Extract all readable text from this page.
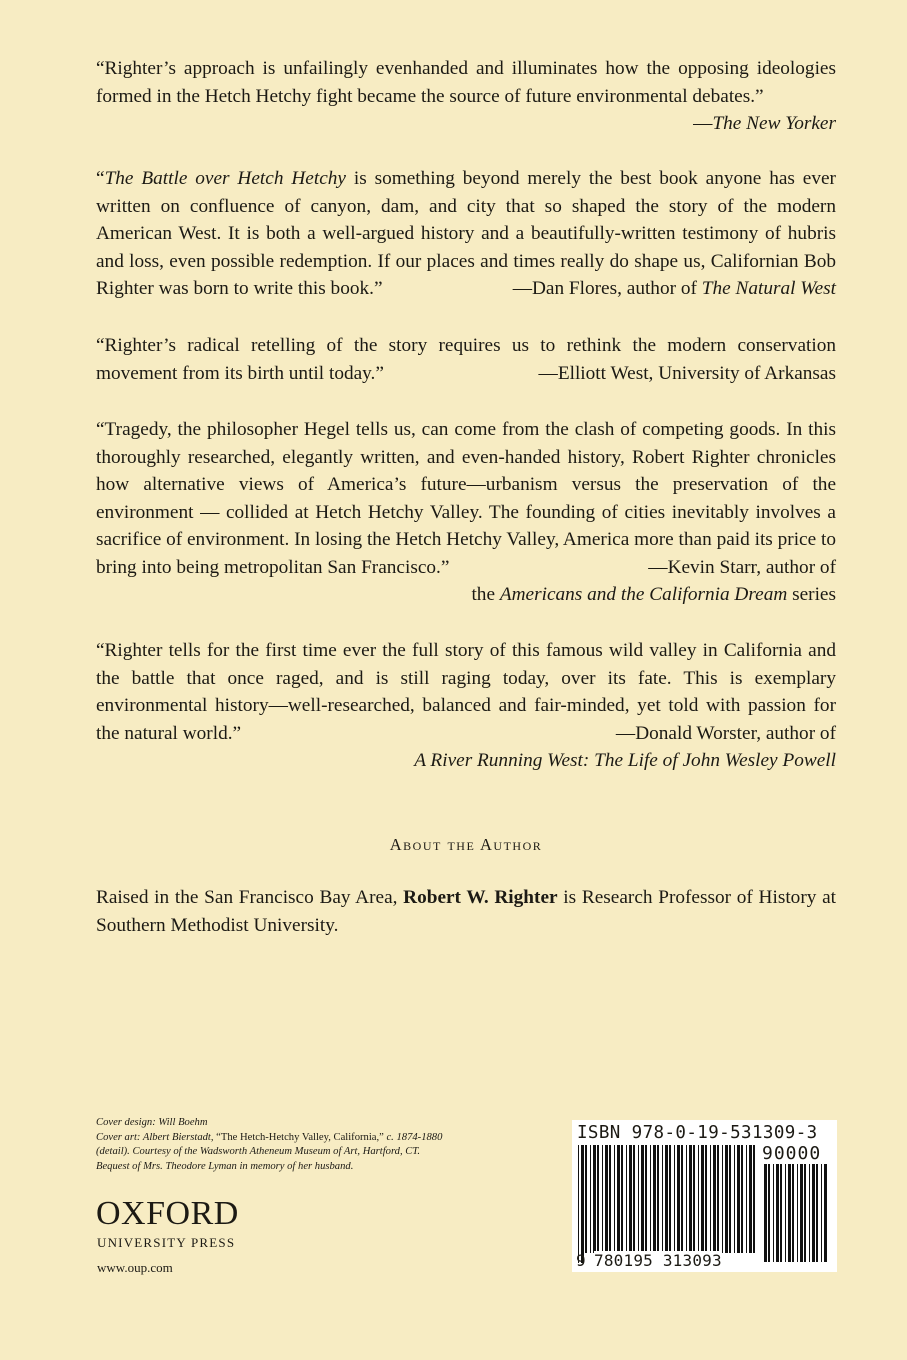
“Righter’s approach is unfailingly evenhanded and illuminates how the opposing ideologies formed in the Hetch Hetchy fight became the source of future environmental debates.”

—The New Yorker

“The Battle over Hetch Hetchy is something beyond merely the best book anyone has ever written on confluence of canyon, dam, and city that so shaped the story of the modern American West. It is both a well-argued history and a beautifully-written testimony of hubris and loss, even possible redemption. If our places and times really do shape us, Californian Bob Righter was born to write this book.”	—Dan Flores, author of The Natural West

“Righter’s radical retelling of the story requires us to rethink the modern conservation movement from its birth until today.”	—Elliott West, University of Arkansas

“Tragedy, the philosopher Hegel tells us, can come from the clash of competing goods. In this thoroughly researched, elegantly written, and even-handed history, Robert Righter chronicles how alternative views of America’s future—urbanism versus the preservation of the environment — collided at Hetch Hetchy Valley. The founding of cities inevitably involves a sacrifice of environment. In losing the Hetch Hetchy Valley, America more than paid its price to bring into being metropolitan San Francisco.”	—Kevin Starr, author of

the Americans and the California Dream series

“Righter tells for the first time ever the full story of this famous wild valley in California and the battle that once raged, and is still raging today, over its fate. This is exemplary environmental history—well-researched, balanced and fair-minded, yet told with passion for the natural world.”	—Donald Worster, author of

A River Running West: The Life of John Wesley Powell

About the Author
Raised in the San Francisco Bay Area, Robert W. Righter is Research Professor of History at Southern Methodist University.
Cover design: Will Boehm
Cover art: Albert Bierstadt, “The Hetch-Hetchy Valley, California,” c. 1874-1880
(detail). Courtesy of the Wadsworth Atheneum Museum of Art, Hartford, CT.
Bequest of Mrs. Theodore Lyman in memory of her husband.
OXFORD
UNIVERSITY PRESS
www.oup.com
ISBN 978-0-19-531309-3
90000
9 780195 313093
